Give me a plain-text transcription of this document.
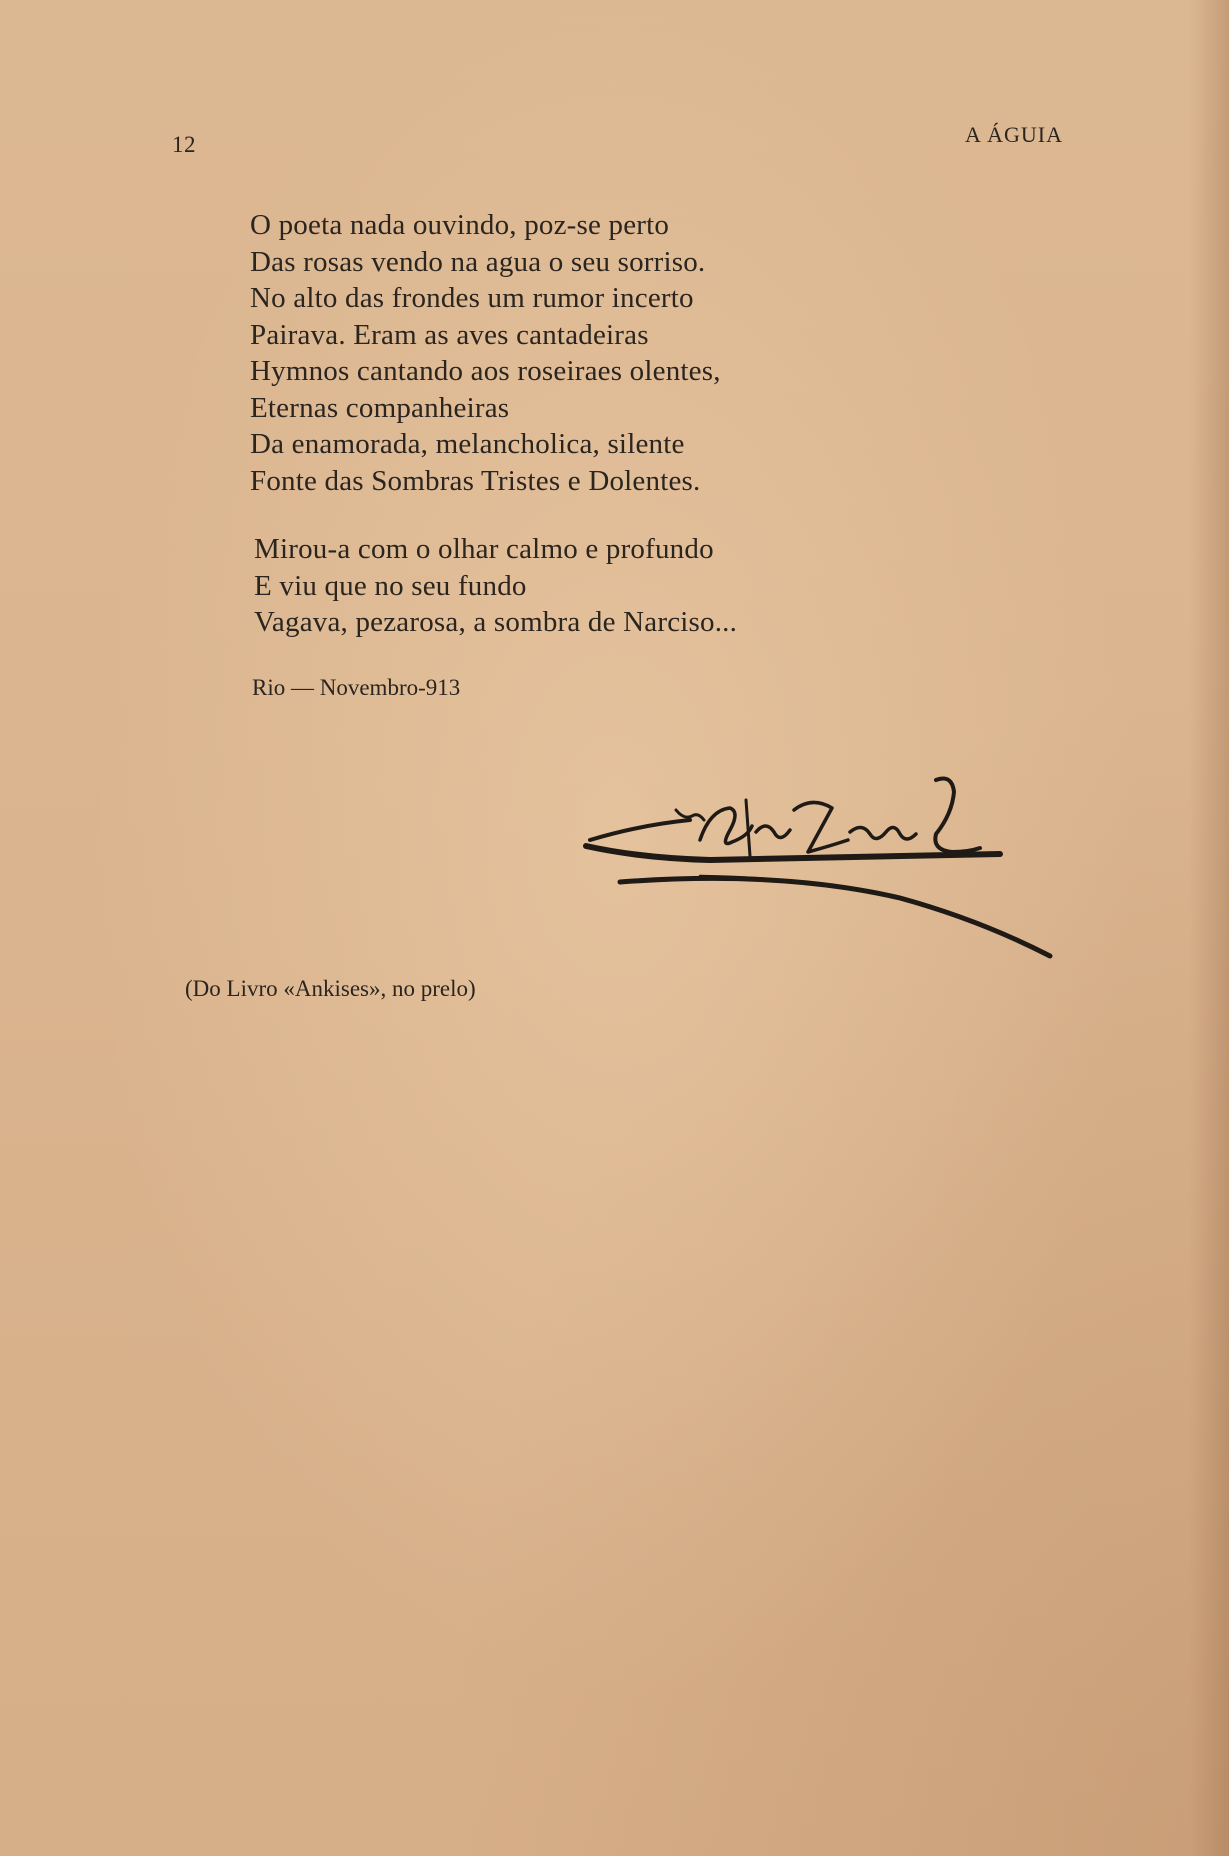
12	A ÁGUIA
O poeta nada ouvindo, poz-se perto
Das rosas vendo na agua o seu sorriso.
No alto das frondes um rumor incerto
Pairava. Eram as aves cantadeiras
Hymnos cantando aos roseiraes olentes,
Eternas companheiras
Da enamorada, melancholica, silente
Fonte das Sombras Tristes e Dolentes.
Mirou-a com o olhar calmo e profundo
E viu que no seu fundo
Vagava, pezarosa, a sombra de Narciso...
Rio — Novembro-913
(Do Livro «Ankises», no prelo)
